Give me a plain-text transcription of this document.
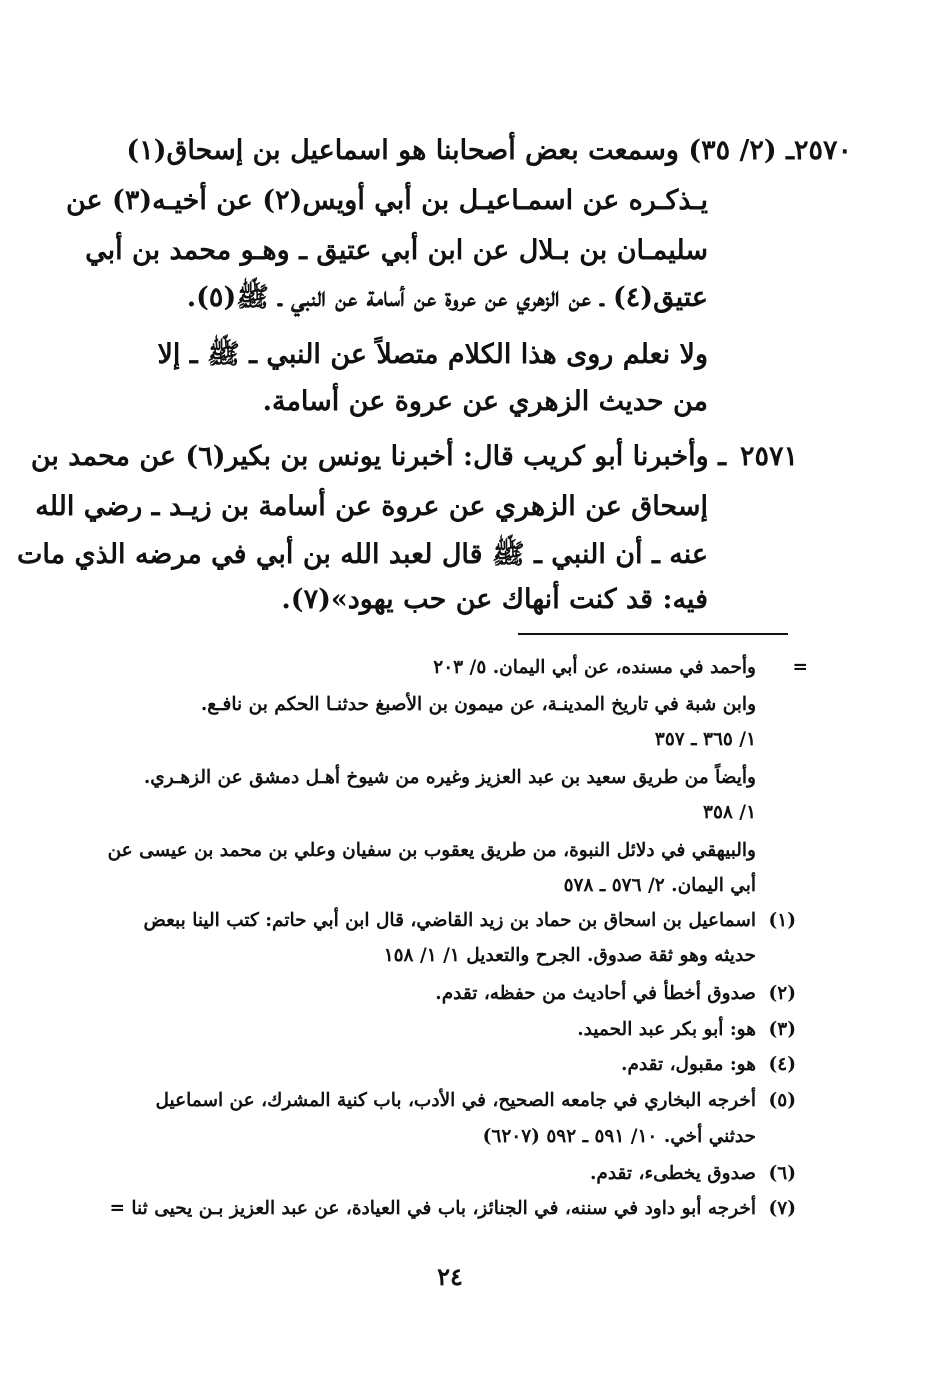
ـ (٢/ ٣٥) وسمعت بعض أصحابنا هو اسماعيل بن إسحاق(١) ٢٥٧٠
يـذكـره عن اسمـاعيـل بن أبي أويس(٢) عن أخيـه(٣) عن
سليمـان بن بـلال عن ابن أبي عتيق ـ وهـو محمد بن أبي
عتيق(٤) ـ عن الزهري عن عروة عن أسامة عن النبي ـ ﷺ(٥).
ولا نعلم روى هذا الكلام متصلاً عن النبي ـ ﷺ ـ إلا
من حديث الزهري عن عروة عن أسامة.
٢٥٧١
ـ وأخبرنا أبو كريب قال: أخبرنا يونس بن بكير(٦) عن محمد بن
إسحاق عن الزهري عن عروة عن أسامة بن زيـد ـ رضي الله
عنه ـ أن النبي ـ ﷺ قال لعبد الله بن أبي في مرضه الذي مات
فيه: قد كنت أنهاك عن حب يهود»(٧).
=
وأحمد في مسنده، عن أبي اليمان. ٥/ ٢٠٣
وابن شبة في تاريخ المدينـة، عن ميمون بن الأصبغ حدثنـا الحكم بن نافـع.
١/ ٣٦٥ ـ ٣٥٧
وأيضاً من طريق سعيد بن عبد العزيز وغيره من شيوخ أهـل دمشق عن الزهـري.
١/ ٣٥٨
والبيهقي في دلائل النبوة، من طريق يعقوب بن سفيان وعلي بن محمد بن عيسى عن
أبي اليمان. ٢/ ٥٧٦ ـ ٥٧٨
(١)
اسماعيل بن اسحاق بن حماد بن زيد القاضي، قال ابن أبي حاتم: كتب الينا ببعض
حديثه وهو ثقة صدوق. الجرح والتعديل ١/ ١/ ١٥٨
(٢)
صدوق أخطأ في أحاديث من حفظه، تقدم.
(٣)
هو: أبو بكر عبد الحميد.
(٤)
هو: مقبول، تقدم.
(٥)
أخرجه البخاري في جامعه الصحيح، في الأدب، باب كنية المشرك، عن اسماعيل
حدثني أخي. ١٠/ ٥٩١ ـ ٥٩٢ (٦٢٠٧)
(٦)
صدوق يخطىء، تقدم.
(٧)
أخرجه أبو داود في سننه، في الجنائز، باب في العيادة، عن عبد العزيز بـن يحيى ثنا =
٢٤
